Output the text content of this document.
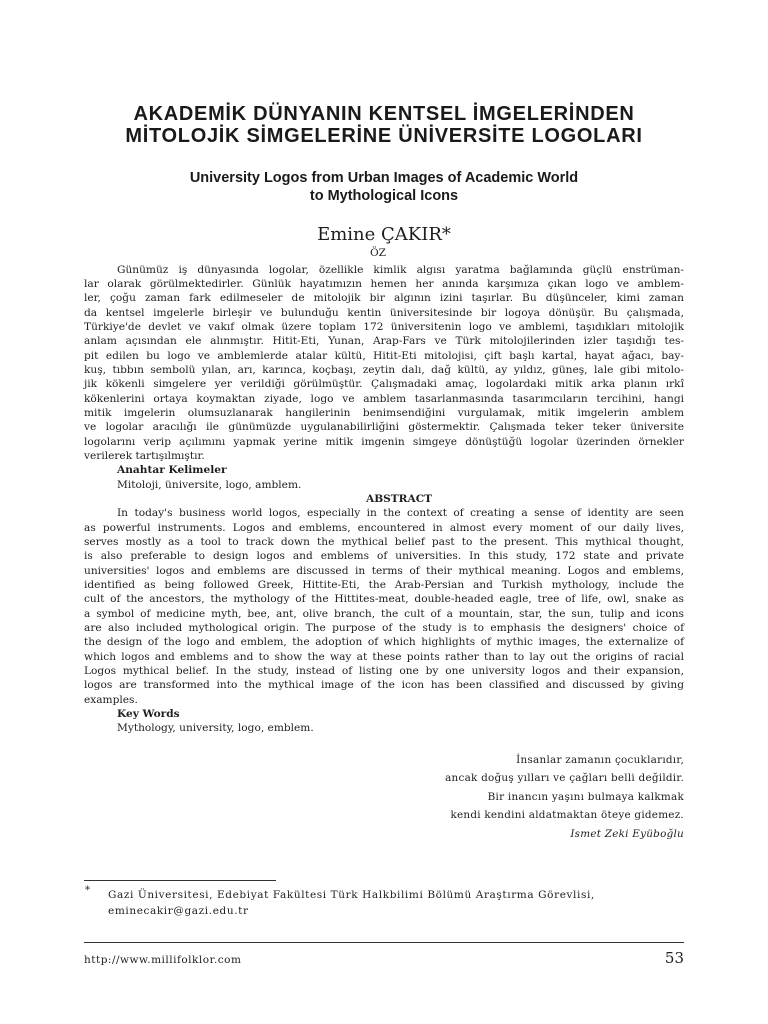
AKADEMİK DÜNYANIN KENTSEL İMGELERİNDEN
MİTOLOJİK SİMGELERİNE ÜNİVERSİTE LOGOLARI
University Logos from Urban Images of Academic World
to Mythological Icons
Emine ÇAKIR*
ÖZ
Günümüz iş dünyasında logolar, özellikle kimlik algısı yaratma bağlamında güçlü enstrüman-
lar olarak görülmektedirler. Günlük hayatımızın hemen her anında karşımıza çıkan logo ve amblem-
ler, çoğu zaman fark edilmeseler de mitolojik bir algının izini taşırlar. Bu düşünceler, kimi zaman
da kentsel imgelerle birleşir ve bulunduğu kentin üniversitesinde bir logoya dönüşür. Bu çalışmada,
Türkiye'de devlet ve vakıf olmak üzere toplam 172 üniversitenin logo ve amblemi, taşıdıkları mitolojik
anlam açısından ele alınmıştır. Hitit-Eti, Yunan, Arap-Fars ve Türk mitolojilerinden izler taşıdığı tes-
pit edilen bu logo ve amblemlerde atalar kültü, Hitit-Eti mitolojisi, çift başlı kartal, hayat ağacı, bay-
kuş, tıbbın sembolü yılan, arı, karınca, koçbaşı, zeytin dalı, dağ kültü, ay yıldız, güneş, lale gibi mitolo-
jik kökenli simgelere yer verildiği görülmüştür. Çalışmadaki amaç, logolardaki mitik arka planın ırkî
kökenlerini ortaya koymaktan ziyade, logo ve amblem tasarlanmasında tasarımcıların tercihini, hangi
mitik imgelerin olumsuzlanarak hangilerinin benimsendiğini vurgulamak, mitik imgelerin amblem
ve logolar aracılığı ile günümüzde uygulanabilirliğini göstermektir. Çalışmada teker teker üniversite
logolarını verip açılımını yapmak yerine mitik imgenin simgeye dönüştüğü logolar üzerinden örnekler
verilerek tartışılmıştır.
Anahtar Kelimeler
Mitoloji, üniversite, logo, amblem.
ABSTRACT
In today's business world logos, especially in the context of creating a sense of identity are seen
as powerful instruments. Logos and emblems, encountered in almost every moment of our daily lives,
serves mostly as a tool to track down the mythical belief past to the present. This mythical thought,
is also preferable to design logos and emblems of universities. In this study, 172 state and private
universities' logos and emblems are discussed in terms of their mythical meaning. Logos and emblems,
identified as being followed Greek, Hittite-Eti, the Arab-Persian and Turkish mythology, include the
cult of the ancestors, the mythology of the Hittites-meat, double-headed eagle, tree of life, owl, snake as
a symbol of medicine myth, bee, ant, olive branch, the cult of a mountain, star, the sun, tulip and icons
are also included mythological origin. The purpose of the study is to emphasis the designers' choice of
the design of the logo and emblem, the adoption of which highlights of mythic images, the externalize of
which logos and emblems and to show the way at these points rather than to lay out the origins of racial
Logos mythical belief. In the study, instead of listing one by one university logos and their expansion,
logos are transformed into the mythical image of the icon has been classified and discussed by giving
examples.
Key Words
Mythology, university, logo, emblem.
İnsanlar zamanın çocuklarıdır,
ancak doğuş yılları ve çağları belli değildir.
Bir inancın yaşını bulmaya kalkmak
kendi kendini aldatmaktan öteye gidemez.
Ismet Zeki Eyüboğlu
* Gazi Üniversitesi, Edebiyat Fakültesi Türk Halkbilimi Bölümü Araştırma Görevlisi,
eminecakir@gazi.edu.tr
http://www.millifolklor.com	53
